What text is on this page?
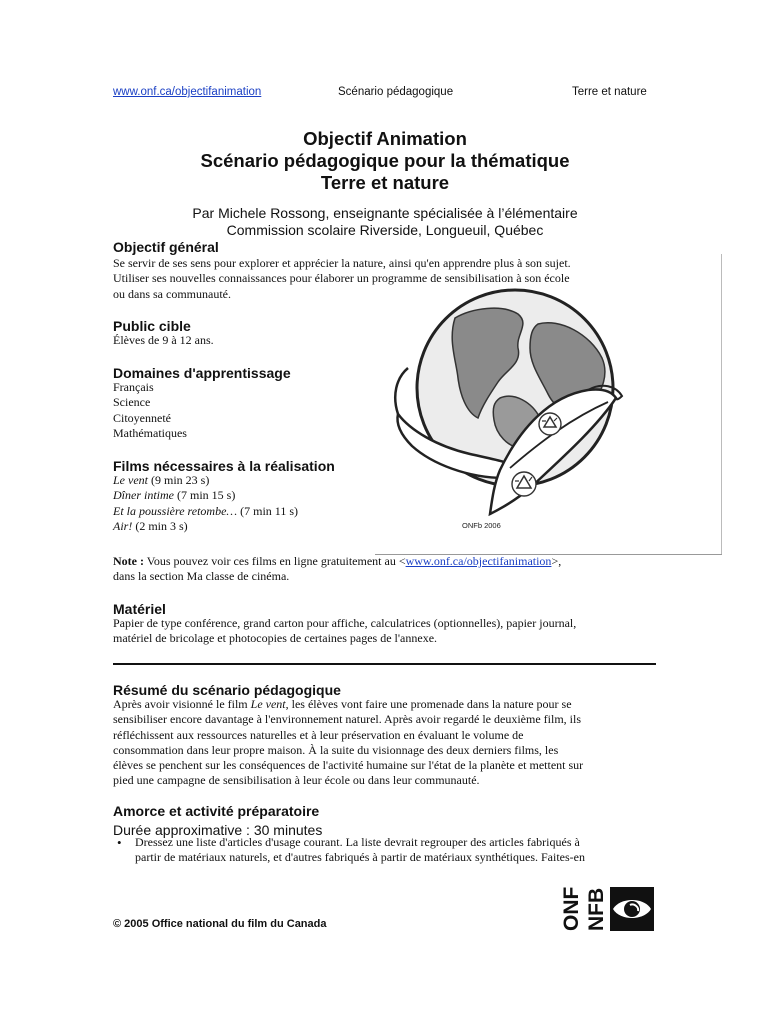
www.onf.ca/objectifanimation	Scénario pédagogique	Terre et nature
Objectif Animation
Scénario pédagogique pour la thématique
Terre et nature
Par Michele Rossong, enseignante spécialisée à l’élémentaire
Commission scolaire Riverside, Longueuil, Québec
ONFb 2006
Objectif général
Se servir de ses sens pour explorer et apprécier la nature, ainsi qu'en apprendre plus à son sujet.
Utiliser ses nouvelles connaissances pour élaborer un programme de sensibilisation à son école
ou dans sa communauté.
Public cible
Élèves de 9 à 12 ans.
Domaines d'apprentissage
Français
Science
Citoyenneté
Mathématiques
Films nécessaires à la réalisation
Le vent (9 min 23 s)
Dîner intime (7 min 15 s)
Et la poussière retombe… (7 min 11 s)
Air! (2 min 3 s)
Note : Vous pouvez voir ces films en ligne gratuitement au <www.onf.ca/objectifanimation>,
dans la section Ma classe de cinéma.
Matériel
Papier de type conférence, grand carton pour affiche, calculatrices (optionnelles), papier journal,
matériel de bricolage et photocopies de certaines pages de l'annexe.
Résumé du scénario pédagogique
Après avoir visionné le film Le vent, les élèves vont faire une promenade dans la nature pour se
sensibiliser encore davantage à l'environnement naturel. Après avoir regardé le deuxième film, ils
réfléchissent aux ressources naturelles et à leur préservation en évaluant le volume de
consommation dans leur propre maison. À la suite du visionnage des deux derniers films, les
élèves se penchent sur les conséquences de l'activité humaine sur l'état de la planète et mettent sur
pied une campagne de sensibilisation à leur école ou dans leur communauté.
Amorce et activité préparatoire
Durée approximative : 30 minutes
• Dressez une liste d'articles d'usage courant. La liste devrait regrouper des articles fabriqués à
partir de matériaux naturels, et d'autres fabriqués à partir de matériaux synthétiques. Faites-en
© 2005 Office national du film du Canada	ONF NFB
